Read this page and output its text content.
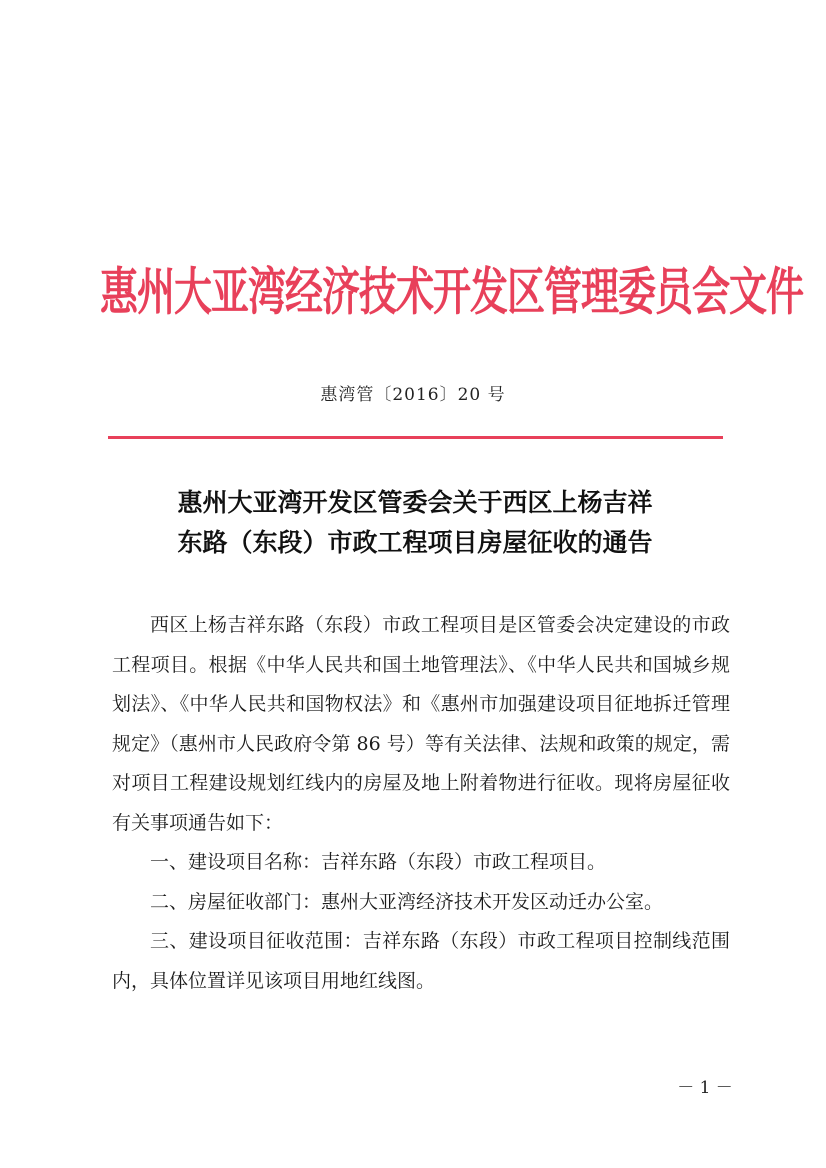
惠州大亚湾经济技术开发区管理委员会文件
惠湾管〔2016〕20 号
惠州大亚湾开发区管委会关于西区上杨吉祥
东路（东段）市政工程项目房屋征收的通告

西区上杨吉祥东路（东段）市政工程项目是区管委会决定建设的市政工程项目。根据《中华人民共和国土地管理法》、《中华人民共和国城乡规划法》、《中华人民共和国物权法》和《惠州市加强建设项目征地拆迁管理规定》（惠州市人民政府令第 86 号）等有关法律、法规和政策的规定，需对项目工程建设规划红线内的房屋及地上附着物进行征收。现将房屋征收有关事项通告如下：

一、建设项目名称：吉祥东路（东段）市政工程项目。

二、房屋征收部门：惠州大亚湾经济技术开发区动迁办公室。

三、建设项目征收范围：吉祥东路（东段）市政工程项目控制线范围内，具体位置详见该项目用地红线图。

－ 1 －
